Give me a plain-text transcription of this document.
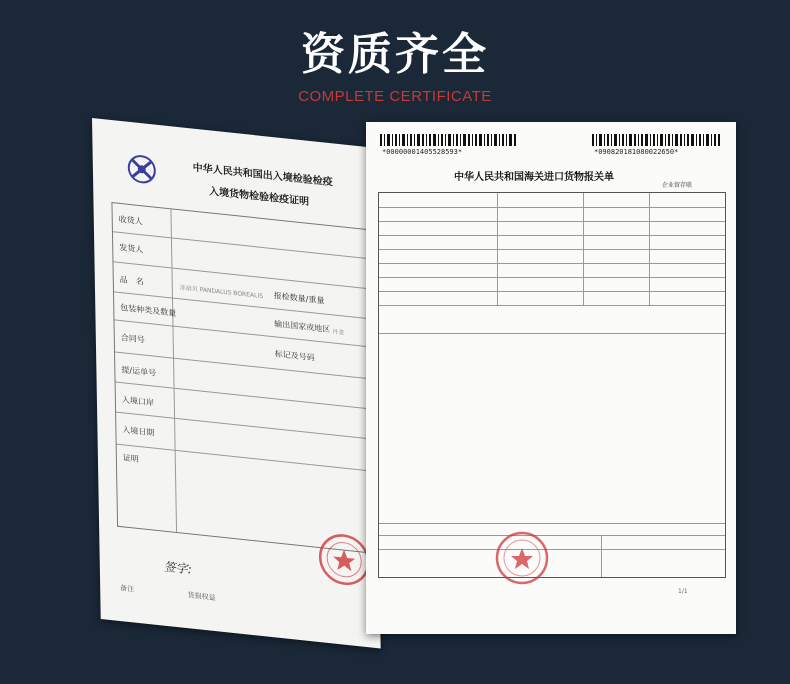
资质齐全
COMPLETE CERTIFICATE
中华人民共和国出入境检验检疫
入境货物检验检疫证明
收货人
发货人
品　名
冻扇贝 PANDALUS BOREALIS 报检数量/重量
包装种类及数量
输出国家或地区 丹麦
合同号
标记及号码
提/运单号
入境口岸
入境日期
证明
签字:
备注                        货损权益
*0000000140552859З*	*090820181080022650*
中华人民共和国海关进口货物报关单
企业留存联
1/1
